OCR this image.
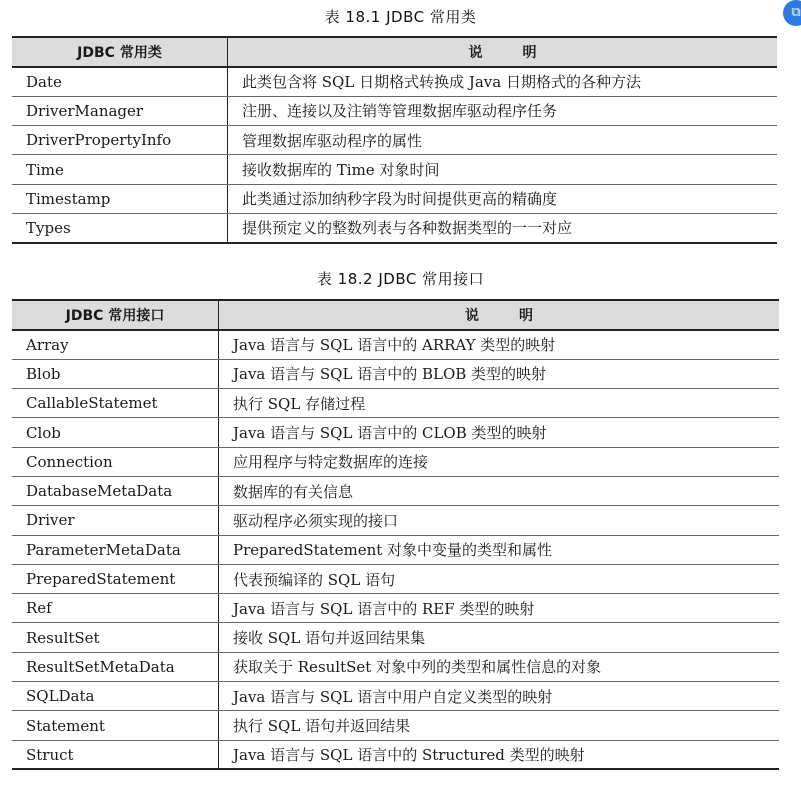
⧉
表 18.1 JDBC 常用类
JDBC 常用类	说 明
Date	此类包含将 SQL 日期格式转换成 Java 日期格式的各种方法
DriverManager	注册、连接以及注销等管理数据库驱动程序任务
DriverPropertyInfo	管理数据库驱动程序的属性
Time	接收数据库的 Time 对象时间
Timestamp	此类通过添加纳秒字段为时间提供更高的精确度
Types	提供预定义的整数列表与各种数据类型的一一对应
表 18.2 JDBC 常用接口
JDBC 常用接口	说 明
Array	Java 语言与 SQL 语言中的 ARRAY 类型的映射
Blob	Java 语言与 SQL 语言中的 BLOB 类型的映射
CallableStatemet	执行 SQL 存储过程
Clob	Java 语言与 SQL 语言中的 CLOB 类型的映射
Connection	应用程序与特定数据库的连接
DatabaseMetaData	数据库的有关信息
Driver	驱动程序必须实现的接口
ParameterMetaData	PreparedStatement 对象中变量的类型和属性
PreparedStatement	代表预编译的 SQL 语句
Ref	Java 语言与 SQL 语言中的 REF 类型的映射
ResultSet	接收 SQL 语句并返回结果集
ResultSetMetaData	获取关于 ResultSet 对象中列的类型和属性信息的对象
SQLData	Java 语言与 SQL 语言中用户自定义类型的映射
Statement	执行 SQL 语句并返回结果
Struct	Java 语言与 SQL 语言中的 Structured 类型的映射
